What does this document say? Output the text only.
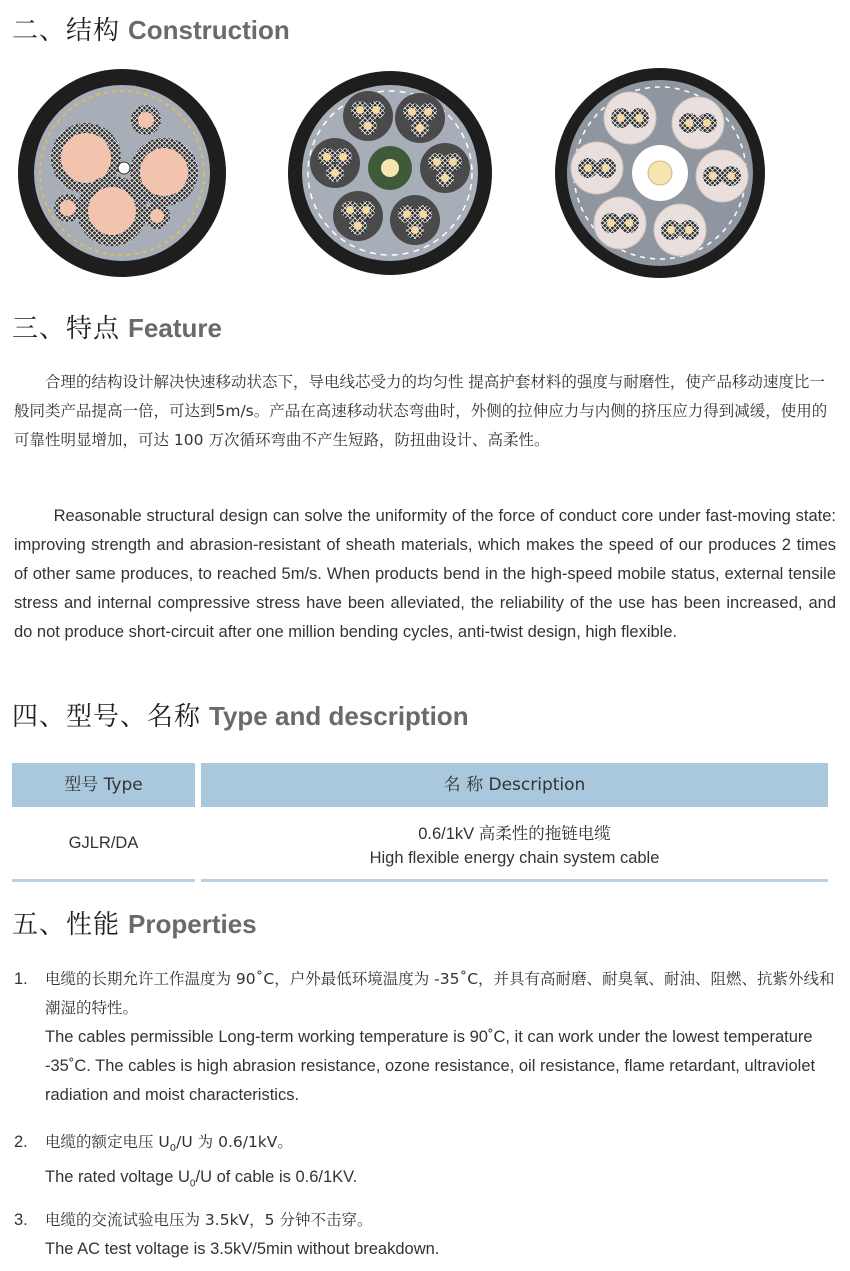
二、结构 Construction
三、特点 Feature
合理的结构设计解决快速移动状态下，导电线芯受力的均匀性 提高护套材料的强度与耐磨性，使产品移动速度比一般同类产品提高一倍，可达到5m/s。产品在高速移动状态弯曲时，外侧的拉伸应力与内侧的挤压应力得到减缓，使用的可靠性明显增加，可达 100 万次循环弯曲不产生短路，防扭曲设计、高柔性。
Reasonable structural design can solve the uniformity of the force of conduct core under fast-moving state: improving strength and abrasion-resistant of sheath materials, which makes the speed of our produces 2 times of other same produces, to reached 5m/s. When products bend in the high-speed mobile status, external tensile stress and internal compressive stress have been alleviated, the reliability of the use has been increased, and do not produce short-circuit after one million bending cycles, anti-twist design, high flexible.
四、型号、名称 Type and description
型号 Type	名 称 Description
GJLR/DA	0.6/1kV 高柔性的拖链电缆
High flexible energy chain system cable
五、性能 Properties
1. 电缆的长期允许工作温度为 90˚C，户外最低环境温度为 -35˚C，并具有高耐磨、耐臭氧、耐油、阻燃、抗紫外线和潮湿的特性。
The cables permissible Long-term working temperature is 90˚C, it can work under the lowest temperature -35˚C. The cables is high abrasion resistance, ozone resistance, oil resistance, flame retardant, ultraviolet radiation and moist characteristics.
2. 电缆的额定电压 $U_0/U$ 为 0.6/1kV。
The rated voltage $U_0/U$ of cable is 0.6/1KV.
3. 电缆的交流试验电压为 3.5kV，5 分钟不击穿。
The AC test voltage is 3.5kV/5min without breakdown.
